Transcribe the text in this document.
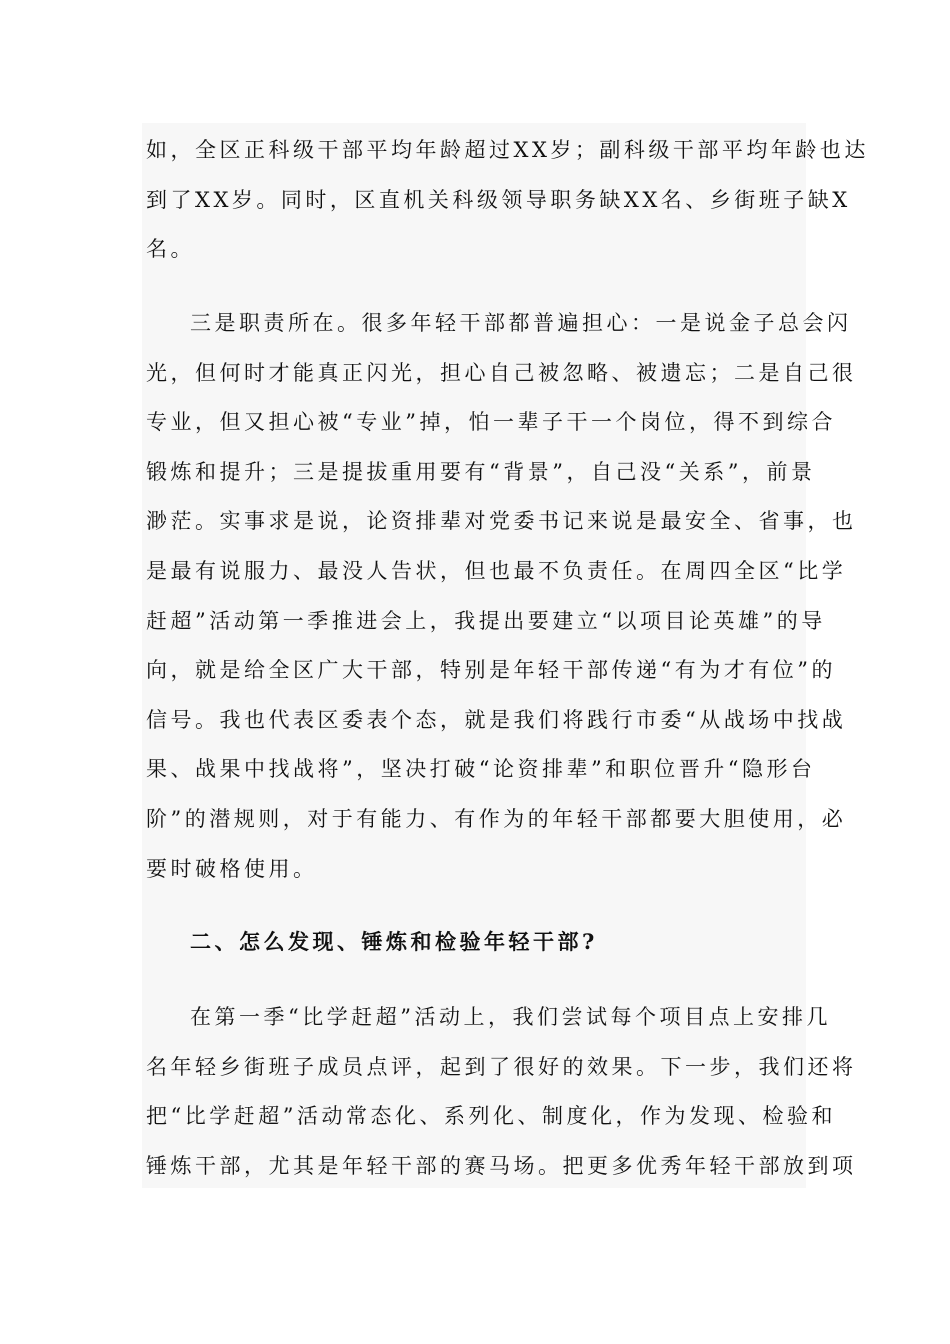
如，全区正科级干部平均年龄超过XX岁；副科级干部平均年龄也达
到了XX岁。同时，区直机关科级领导职务缺XX名、乡街班子缺X
名。
三是职责所在。很多年轻干部都普遍担心：一是说金子总会闪
光，但何时才能真正闪光，担心自己被忽略、被遗忘；二是自己很
专业，但又担心被“专业”掉，怕一辈子干一个岗位，得不到综合
锻炼和提升；三是提拔重用要有“背景”，自己没“关系”，前景
渺茫。实事求是说，论资排辈对党委书记来说是最安全、省事，也
是最有说服力、最没人告状，但也最不负责任。在周四全区“比学
赶超”活动第一季推进会上，我提出要建立“以项目论英雄”的导
向，就是给全区广大干部，特别是年轻干部传递“有为才有位”的
信号。我也代表区委表个态，就是我们将践行市委“从战场中找战
果、战果中找战将”，坚决打破“论资排辈”和职位晋升“隐形台
阶”的潜规则，对于有能力、有作为的年轻干部都要大胆使用，必
要时破格使用。
二、怎么发现、锤炼和检验年轻干部?
在第一季“比学赶超”活动上，我们尝试每个项目点上安排几
名年轻乡街班子成员点评，起到了很好的效果。下一步，我们还将
把“比学赶超”活动常态化、系列化、制度化，作为发现、检验和
锤炼干部，尤其是年轻干部的赛马场。把更多优秀年轻干部放到项
